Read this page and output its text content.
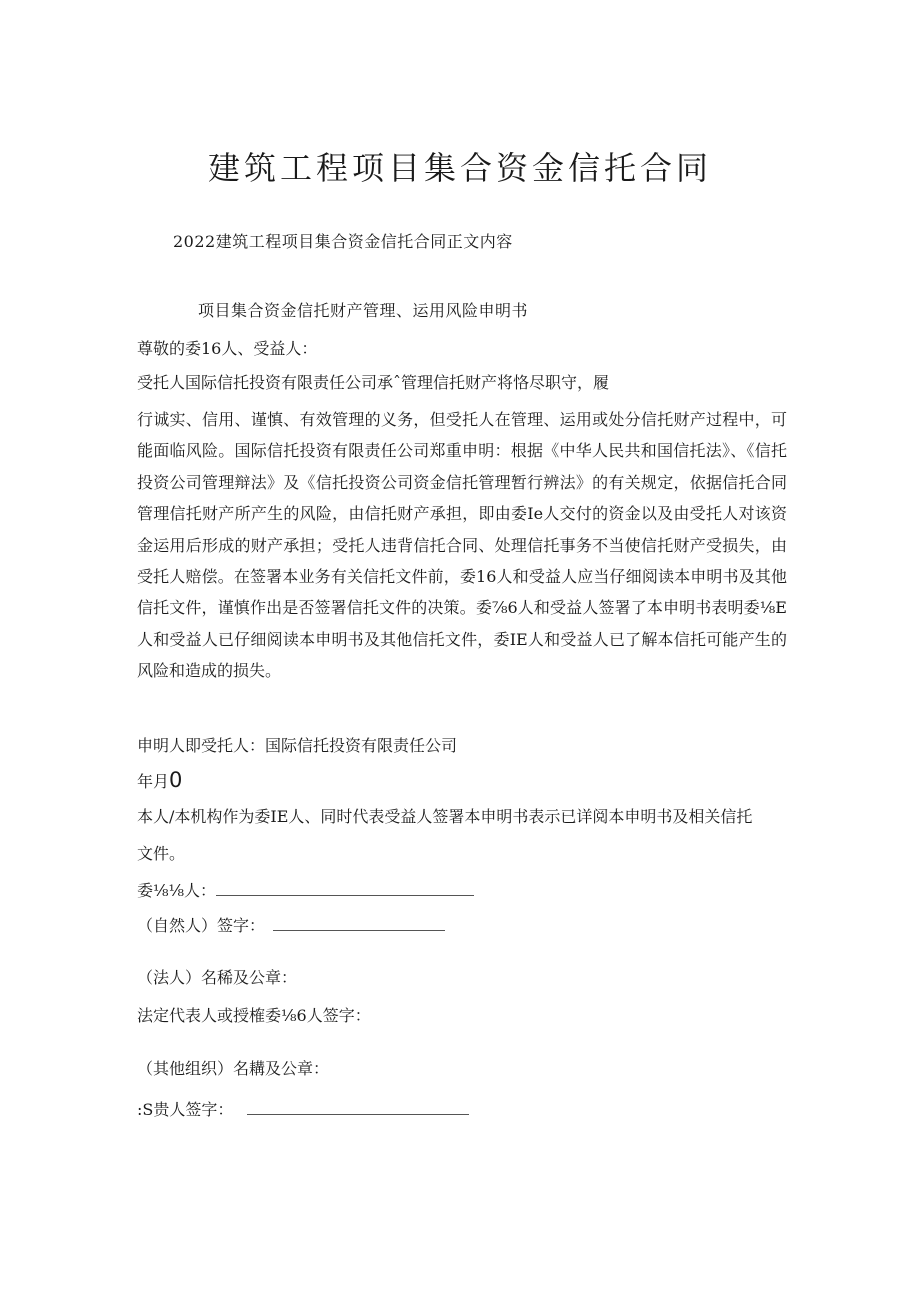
建筑工程项目集合资金信托合同
2022建筑工程项目集合资金信托合同正文内容
项目集合资金信托财产管理、运用风险申明书
尊敬的委16人、受益人：
受托人国际信托投资有限责任公司承ˆ管理信托财产将恪尽职守，履

行诚实、信用、谨慎、有效管理的义务，但受托人在管理、运用或处分信托财产过程中，可能面临风险。国际信托投资有限责任公司郑重申明：根据《中华人民共和国信托法》、《信托投资公司管理辩法》及《信托投资公司资金信托管理暂行辨法》的有关规定，依据信托合同管理信托财产所产生的风险，由信托财产承担，即由委Ie人交付的资金以及由受托人对该资金运用后形成的财产承担；受托人违背信托合同、处理信托事务不当使信托财产受损失，由受托人赔偿。在签署本业务有关信托文件前，委16人和受益人应当仔细阅读本申明书及其他信托文件，谨慎作出是否签署信托文件的决策。委⅞6人和受益人签署了本申明书表明委⅛E人和受益人已仔细阅读本申明书及其他信托文件，委IE人和受益人已了解本信托可能产生的风险和造成的损失。

申明人即受托人：国际信托投资有限责任公司
年月0
本人/本机构作为委IE人、同时代表受益人签署本申明书表示已详阅本申明书及相关信托
文件。
委⅛⅛人：
（自然人）签字：
（法人）名稀及公章：
法定代表人或授榷委⅛6人签字：
（其他组织）名耩及公章：
:S贵人签字：
